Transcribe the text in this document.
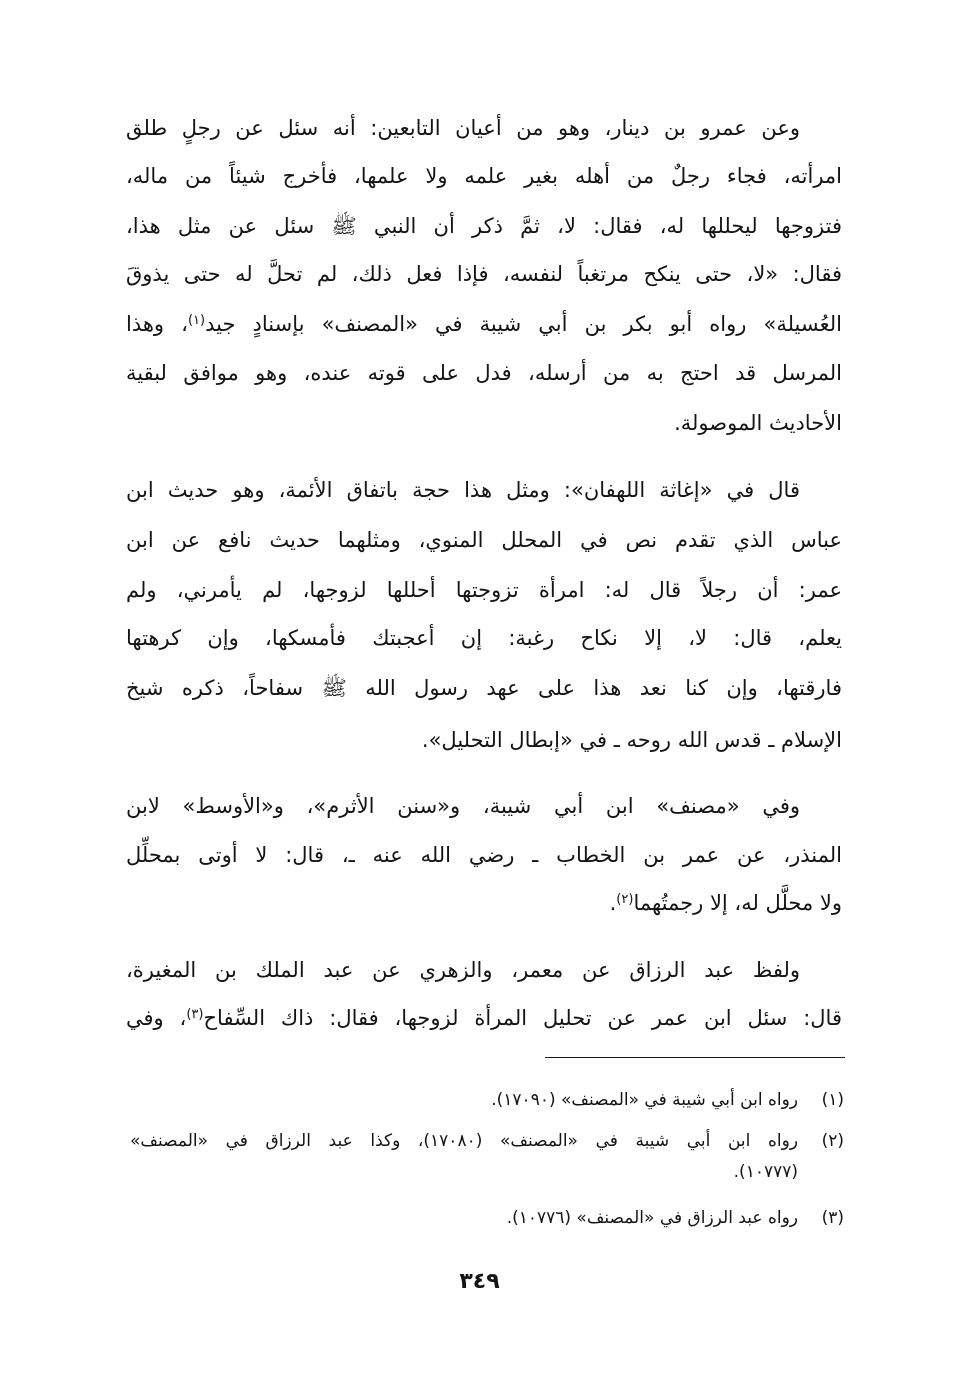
وعن عمرو بن دينار، وهو من أعيان التابعين: أنه سئل عن رجلٍ طلق
امرأته، فجاء رجلٌ من أهله بغير علمه ولا علمها، فأخرج شيئاً من ماله،
فتزوجها ليحللها له، فقال: لا، ثمَّ ذكر أن النبي ﷺ سئل عن مثل هذا،
فقال: «لا، حتى ينكح مرتغباً لنفسه، فإذا فعل ذلك، لم تحلَّ له حتى يذوقَ
العُسيلة» رواه أبو بكر بن أبي شيبة في «المصنف» بإسنادٍ جيد$^{(١)}$، وهذا
المرسل قد احتج به من أرسله، فدل على قوته عنده، وهو موافق لبقية
الأحاديث الموصولة.
قال في «إغاثة اللهفان»: ومثل هذا حجة باتفاق الأئمة، وهو حديث ابن
عباس الذي تقدم نص في المحلل المنوي، ومثلهما حديث نافع عن ابن
عمر: أن رجلاً قال له: امرأة تزوجتها أحللها لزوجها، لم يأمرني، ولم
يعلم، قال: لا، إلا نكاح رغبة: إن أعجبتك فأمسكها، وإن كرهتها
فارقتها، وإن كنا نعد هذا على عهد رسول الله ﷺ سفاحاً، ذكره شيخ
الإسلام ـ قدس الله روحه ـ في «إبطال التحليل».
وفي «مصنف» ابن أبي شيبة، و«سنن الأثرم»، و«الأوسط» لابن
المنذر، عن عمر بن الخطاب ـ رضي الله عنه ـ، قال: لا أوتى بمحلِّل
ولا محلَّل له، إلا رجمتُهما$^{(٢)}$.
ولفظ عبد الرزاق عن معمر، والزهري عن عبد الملك بن المغيرة،
قال: سئل ابن عمر عن تحليل المرأة لزوجها، فقال: ذاك السِّفاح$^{(٣)}$، وفي
(١)
رواه ابن أبي شيبة في «المصنف» (١٧٠٩٠).
(٢)
رواه ابن أبي شيبة في «المصنف» (١٧٠٨٠)، وكذا عبد الرزاق في «المصنف»
(١٠٧٧٧).
(٣)
رواه عبد الرزاق في «المصنف» (١٠٧٧٦).
٣٤٩
